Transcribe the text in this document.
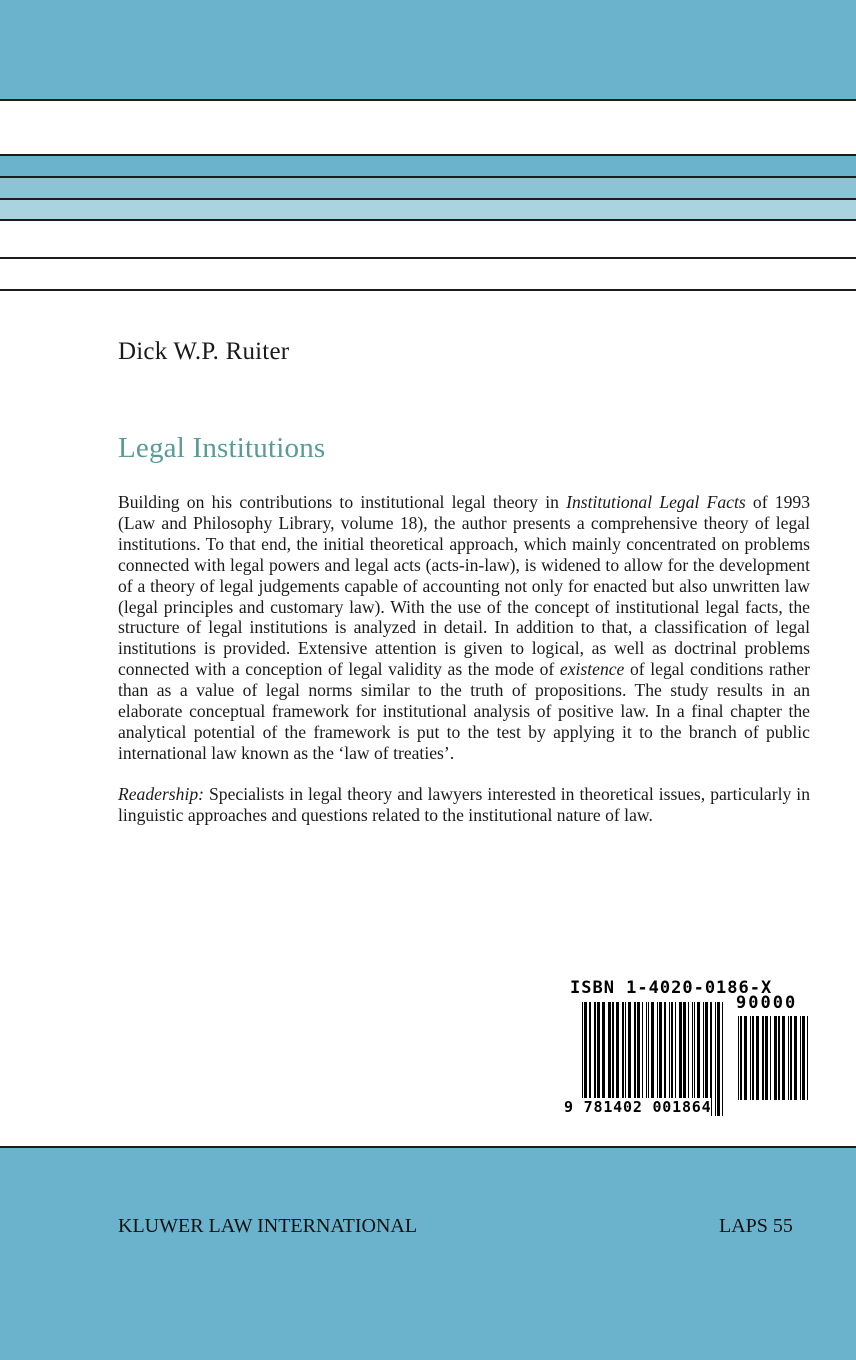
Dick W.P. Ruiter
Legal Institutions

Building on his contributions to institutional legal theory in Institutional Legal Facts of 1993 (Law and Philosophy Library, volume 18), the author presents a comprehensive theory of legal institutions. To that end, the initial theoretical approach, which mainly concentrated on problems connected with legal powers and legal acts (acts-in-law), is widened to allow for the development of a theory of legal judgements capable of accounting not only for enacted but also unwritten law (legal principles and customary law). With the use of the concept of institutional legal facts, the structure of legal institutions is analyzed in detail. In addition to that, a classification of legal institutions is provided. Extensive attention is given to logical, as well as doctrinal problems connected with a conception of legal validity as the mode of existence of legal conditions rather than as a value of legal norms similar to the truth of propositions. The study results in an elaborate conceptual framework for institutional analysis of positive law. In a final chapter the analytical potential of the framework is put to the test by applying it to the branch of public international law known as the ‘law of treaties’.

Readership: Specialists in legal theory and lawyers interested in theoretical issues, particularly in linguistic approaches and questions related to the institutional nature of law.

ISBN 1-4020-0186-X
90000
9 781402 001864
KLUWER LAW INTERNATIONAL	LAPS 55
